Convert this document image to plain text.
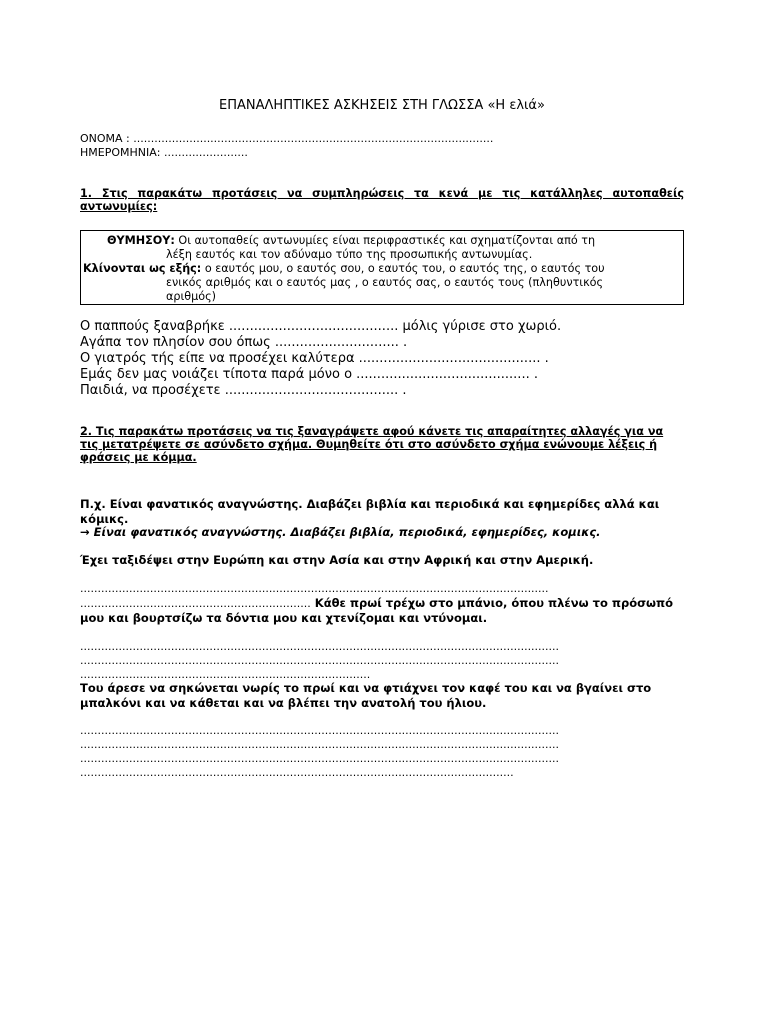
ΕΠΑΝΑΛΗΠΤΙΚΕΣ ΑΣΚΗΣΕΙΣ ΣΤΗ ΓΛΩΣΣΑ «Η ελιά»
ΟΝΟΜΑ : .......................................................................................................
ΗΜΕΡΟΜΗΝΙΑ: ........................
1. Στις παρακάτω προτάσεις να συμπληρώσεις τα κενά με τις κατάλληλες αυτοπαθείς αντωνυμίες:
ΘΥΜΗΣΟΥ: Οι αυτοπαθείς αντωνυμίες είναι περιφραστικές και σχηματίζονται από τη
λέξη εαυτός και τον αδύναμο τύπο της προσωπικής αντωνυμίας.
Κλίνονται ως εξής: ο εαυτός μου, ο εαυτός σου, ο εαυτός του, ο εαυτός της, ο εαυτός του
ενικός αριθμός και ο εαυτός μας , ο εαυτός σας, ο εαυτός τους (πληθυντικός
αριθμός)
Ο παππούς ξαναβρήκε ......................................... μόλις γύρισε στο χωριό.
Αγάπα τον πλησίον σου όπως .............................. .
Ο γιατρός τής είπε να προσέχει καλύτερα ............................................ .
Εμάς δεν μας νοιάζει τίποτα παρά μόνο ο .......................................... .
Παιδιά, να προσέχετε .......................................... .
2. Τις παρακάτω προτάσεις να τις ξαναγράψετε αφού κάνετε τις απαραίτητες αλλαγές για να τις μετατρέψετε σε ασύνδετο σχήμα. Θυμηθείτε ότι στο ασύνδετο σχήμα ενώνουμε λέξεις ή φράσεις με κόμμα.
Π.χ. Είναι φανατικός αναγνώστης. Διαβάζει βιβλία και περιοδικά και εφημερίδες αλλά και κόμικς.
→ Είναι φανατικός αναγνώστης. Διαβάζει βιβλία, περιοδικά, εφημερίδες, κομικς.
Έχει ταξιδέψει στην Ευρώπη και στην Ασία και στην Αφρική και στην Αμερική.
......................................................................................................................................
.................................................................. Κάθε πρωί τρέχω στο μπάνιο, όπου πλένω το πρόσωπό μου και βουρτσίζω τα δόντια μου και χτενίζομαι και ντύνομαι.
.........................................................................................................................................
.........................................................................................................................................
...................................................................................
Του άρεσε να σηκώνεται νωρίς το πρωί και να φτιάχνει τον καφέ του και να βγαίνει στο μπαλκόνι και να κάθεται και να βλέπει την ανατολή του ήλιου.
.........................................................................................................................................
.........................................................................................................................................
.........................................................................................................................................
............................................................................................................................
